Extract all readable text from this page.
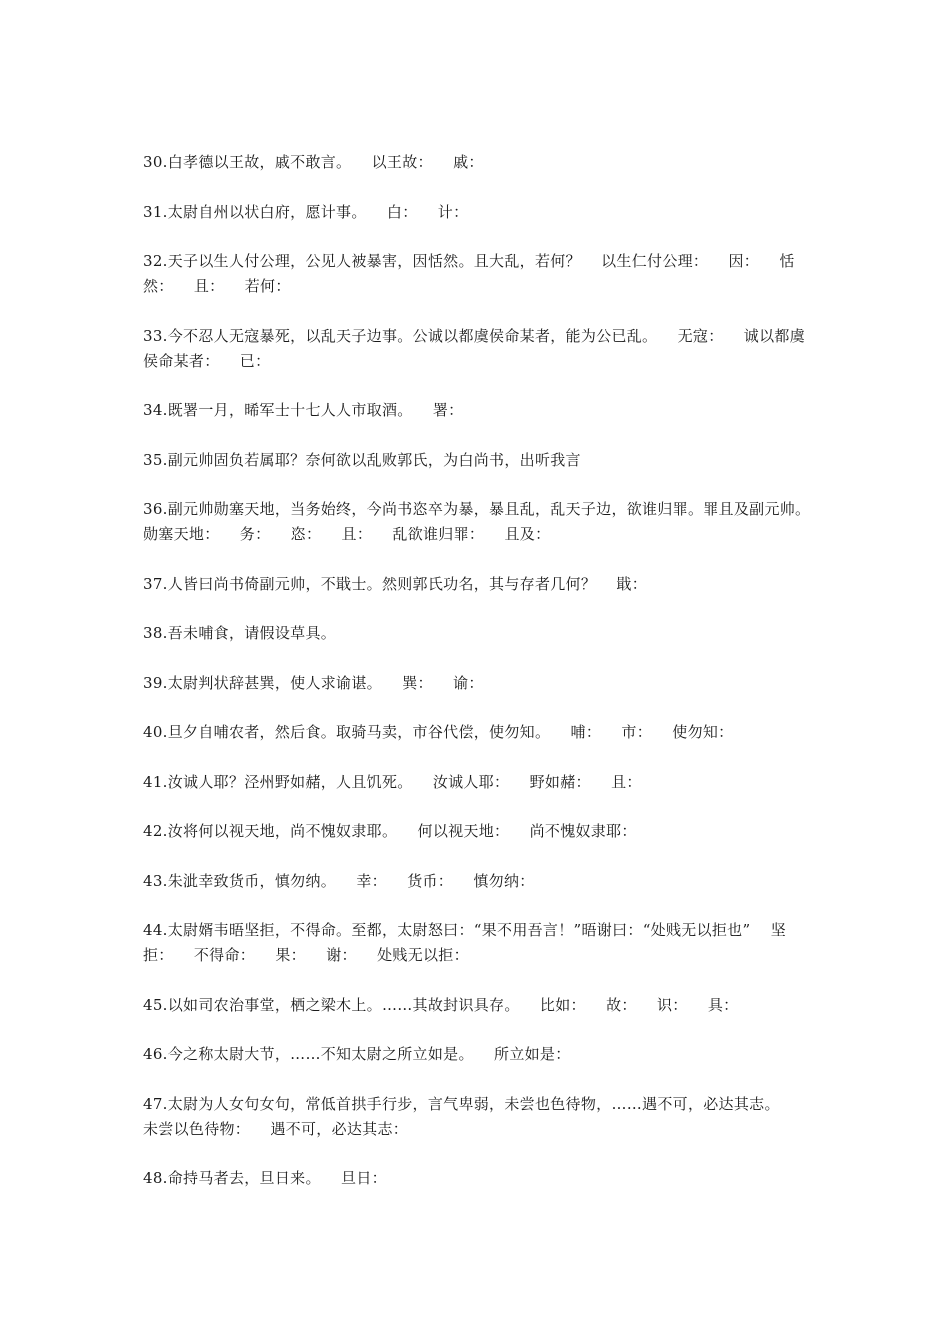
30.白孝德以王故，戚不敢言。    以王故：    戚：

31.太尉自州以状白府，愿计事。    白：    计：

32.天子以生人付公理，公见人被暴害，因恬然。且大乱，若何？    以生仁付公理：    因：    恬然：    且：    若何：

33.今不忍人无寇暴死，以乱天子边事。公诚以都虞侯命某者，能为公已乱。    无寇：    诚以都虞侯命某者：    已：

34.既署一月，晞军士十七人人市取酒。    署：

35.副元帅固负若属耶？奈何欲以乱败郭氏，为白尚书，出听我言

36.副元帅勋塞天地，当务始终，今尚书恣卒为暴，暴且乱，乱天子边，欲谁归罪。罪且及副元帅。    勋塞天地：    务：    恣：    且：    乱欲谁归罪：    且及：

37.人皆曰尚书倚副元帅，不戢士。然则郭氏功名，其与存者几何？    戢：

38.吾未哺食，请假设草具。

39.太尉判状辞甚巽，使人求谕谌。    巽：    谕：

40.旦夕自哺农者，然后食。取骑马卖，市谷代偿，使勿知。    哺：    市：    使勿知：

41.汝诚人耶？泾州野如赭，人且饥死。    汝诚人耶：    野如赭：    且：

42.汝将何以视天地，尚不愧奴隶耶。    何以视天地：    尚不愧奴隶耶：

43.朱泚幸致货币，慎勿纳。    幸：    货币：    慎勿纳：

44.太尉婿韦晤坚拒，不得命。至都，太尉怒曰：“果不用吾言！”晤谢曰：“处贱无以拒也”    坚拒：    不得命：    果：    谢：    处贱无以拒：

45.以如司农治事堂，栖之梁木上。……其故封识具存。    比如：    故：    识：    具：

46.今之称太尉大节，……不知太尉之所立如是。    所立如是：

47.太尉为人女句女句，常低首拱手行步，言气卑弱，未尝也色待物，……遇不可，必达其志。    未尝以色待物：    遇不可，必达其志：

48.命持马者去，旦日来。    旦日：
